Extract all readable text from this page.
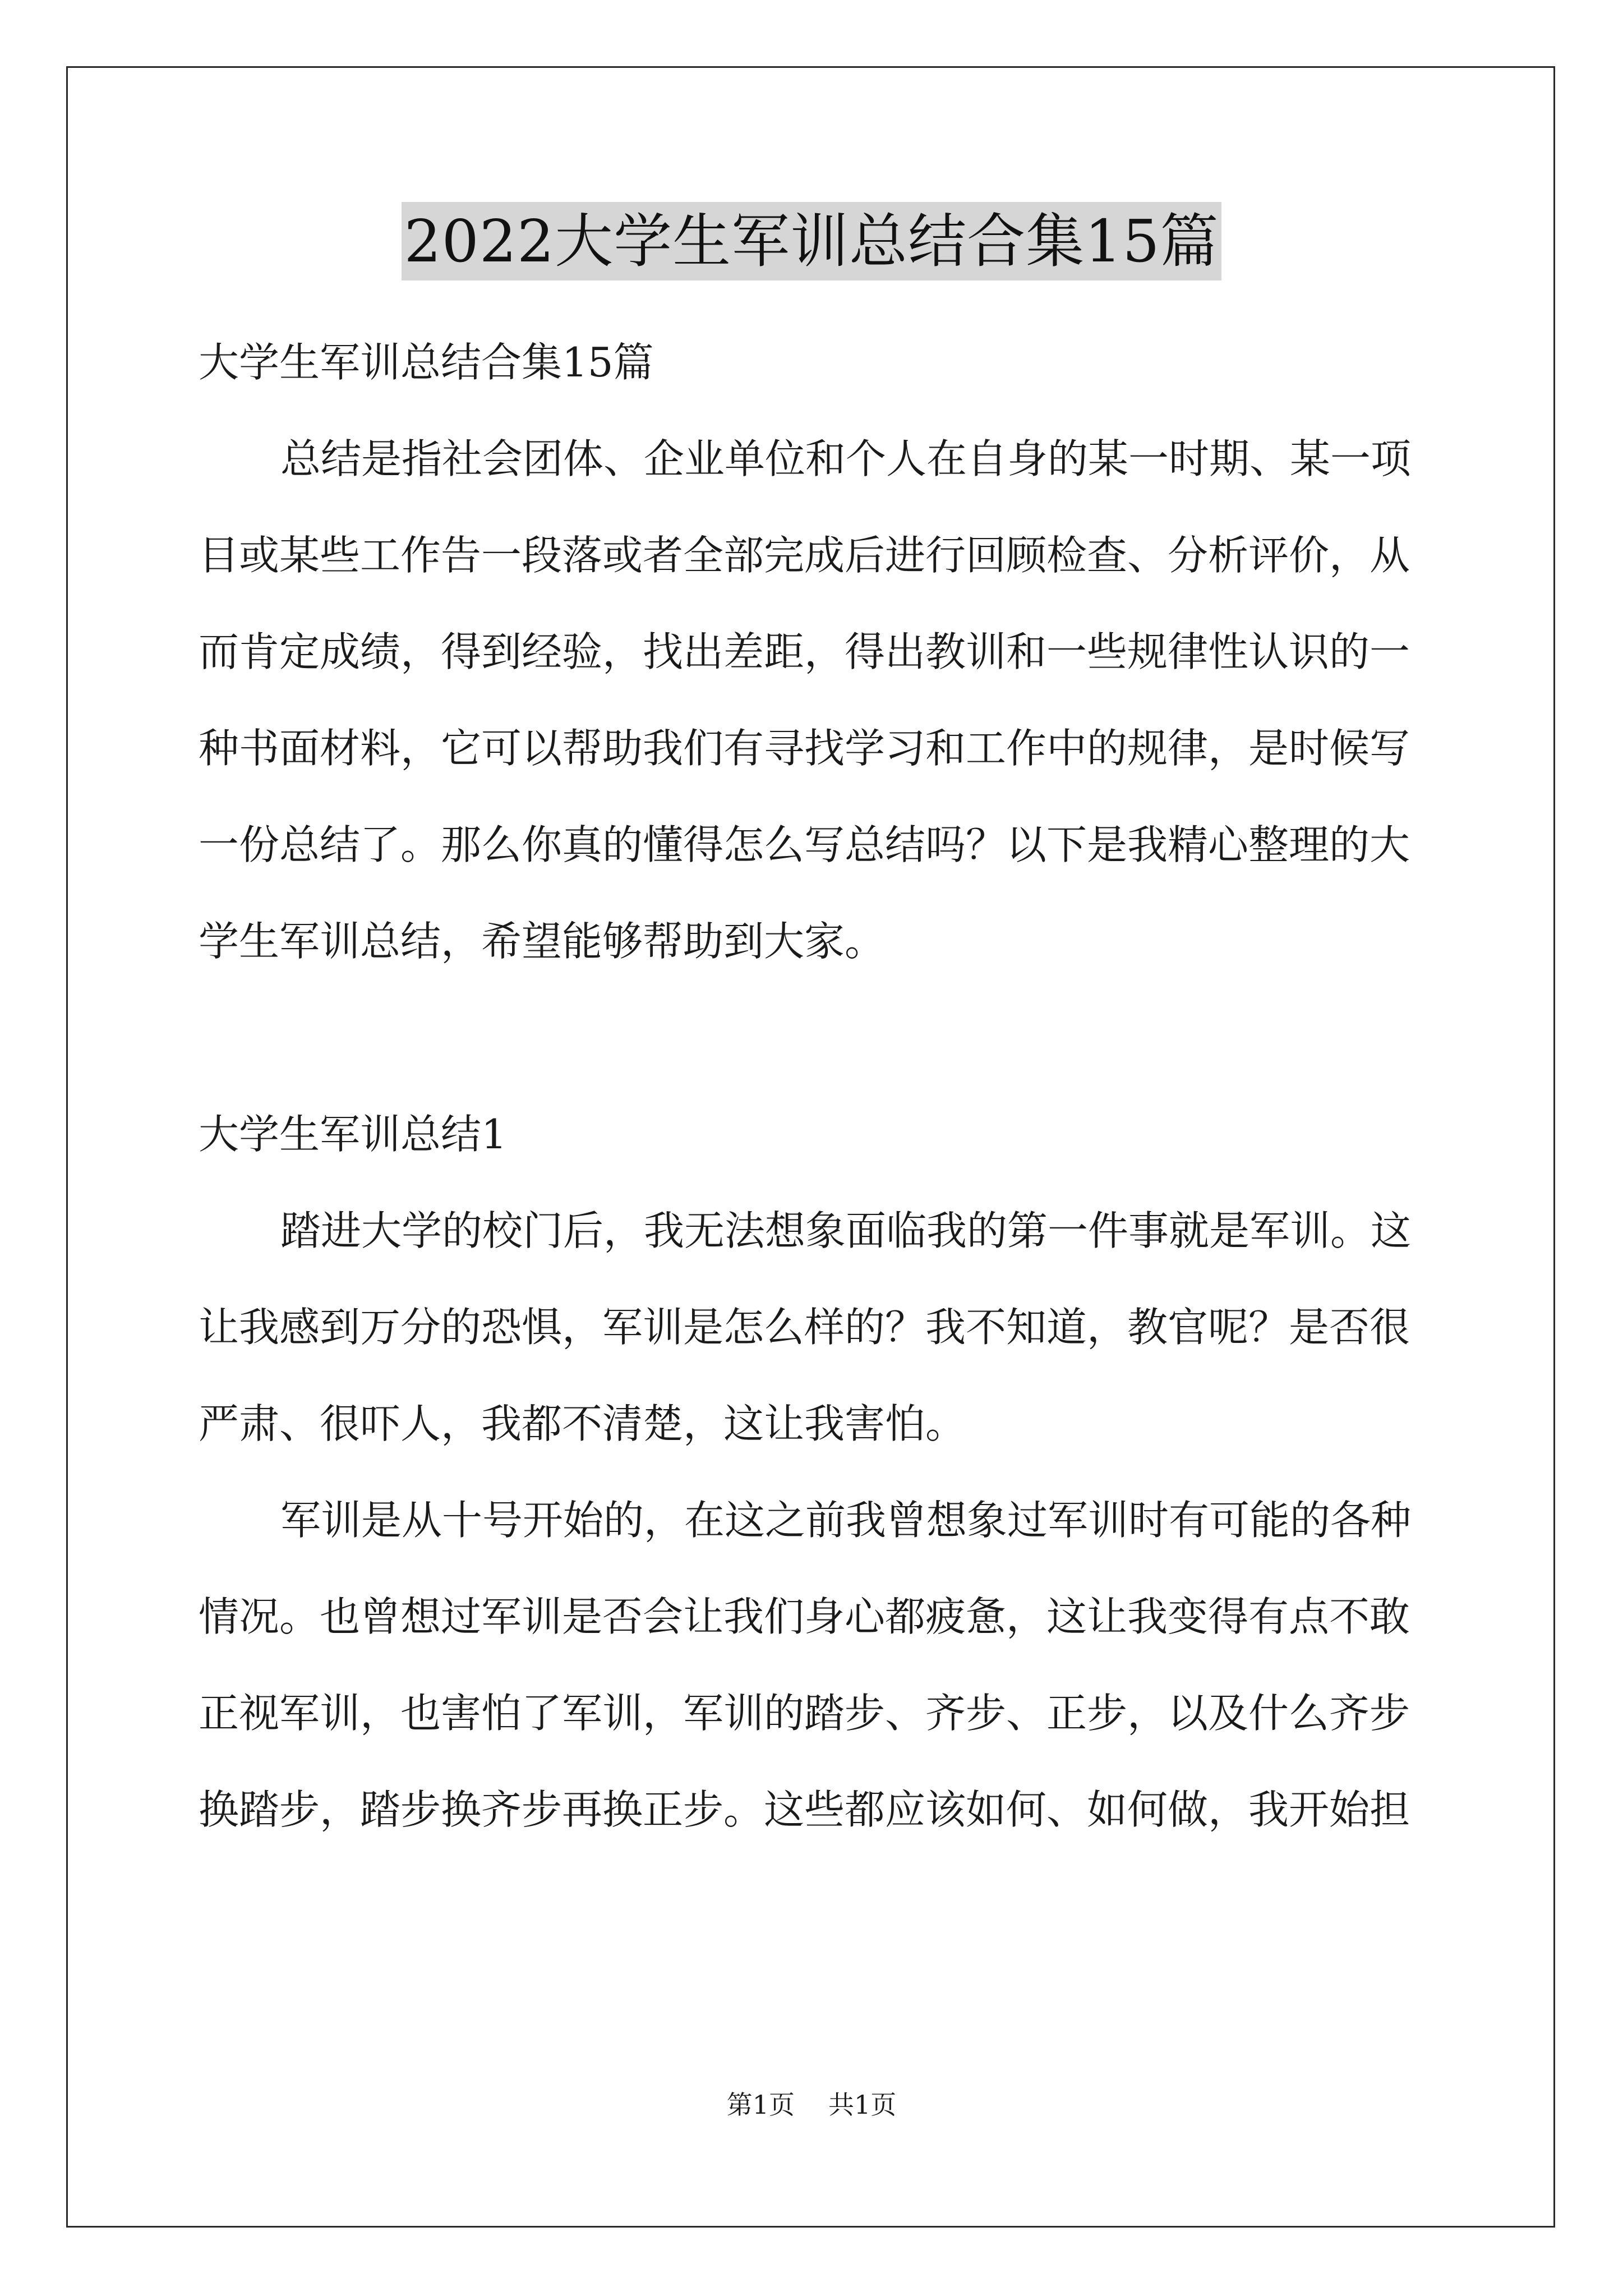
2022大学生军训总结合集15篇
大学生军训总结合集15篇
总结是指社会团体、企业单位和个人在自身的某一时期、某一项
目或某些工作告一段落或者全部完成后进行回顾检查、分析评价，从
而肯定成绩，得到经验，找出差距，得出教训和一些规律性认识的一
种书面材料，它可以帮助我们有寻找学习和工作中的规律，是时候写
一份总结了。那么你真的懂得怎么写总结吗？以下是我精心整理的大
学生军训总结，希望能够帮助到大家。
大学生军训总结1
踏进大学的校门后，我无法想象面临我的第一件事就是军训。这
让我感到万分的恐惧，军训是怎么样的？我不知道，教官呢？是否很
严肃、很吓人，我都不清楚，这让我害怕。
军训是从十号开始的，在这之前我曾想象过军训时有可能的各种
情况。也曾想过军训是否会让我们身心都疲惫，这让我变得有点不敢
正视军训，也害怕了军训，军训的踏步、齐步、正步，以及什么齐步
换踏步，踏步换齐步再换正步。这些都应该如何、如何做，我开始担
第1页 共1页
